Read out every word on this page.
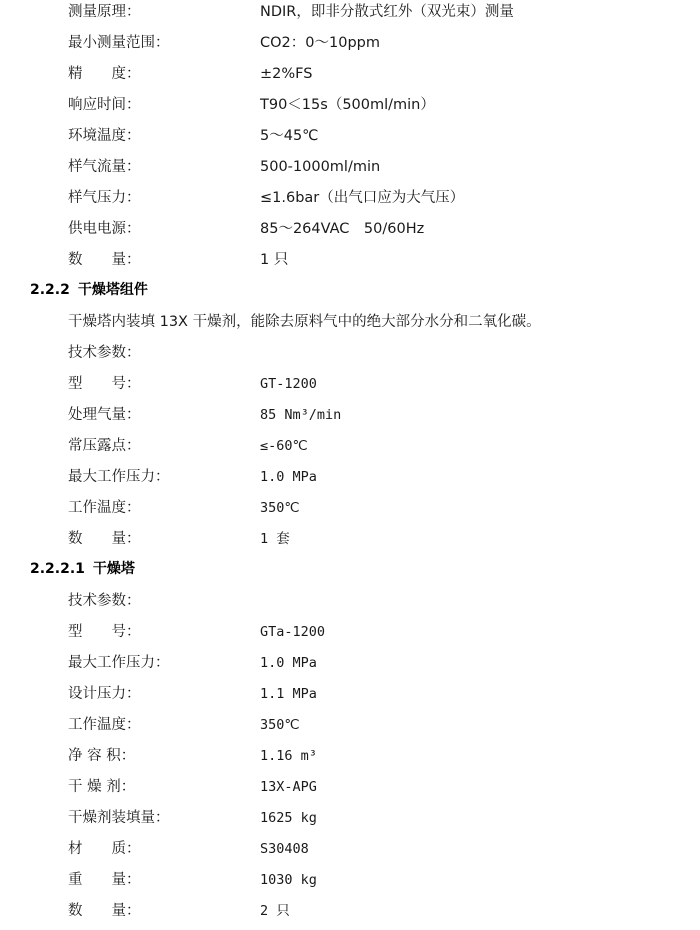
测量原理：	NDIR，即非分散式红外（双光束）测量
最小测量范围：	CO2：0～10ppm
精　　度：	±2%FS
响应时间：	T90＜15s（500ml/min）
环境温度：	5～45℃
样气流量：	500-1000ml/min
样气压力：	≤1.6bar（出气口应为大气压）
供电电源：	85～264VAC　50/60Hz
数　　量：	1 只
2.2.2 干燥塔组件
干燥塔内装填 13X 干燥剂，能除去原料气中的绝大部分水分和二氧化碳。
技术参数：
型　　号：	GT-1200
处理气量：	85 Nm³/min
常压露点：	≤-60℃
最大工作压力：	1.0 MPa
工作温度：	350℃
数　　量：	1 套
2.2.2.1 干燥塔
技术参数：
型　　号：	GTa-1200
最大工作压力：	1.0 MPa
设计压力：	1.1 MPa
工作温度：	350℃
净 容 积：	1.16 m³
干 燥 剂：	13X-APG
干燥剂装填量：	1625 kg
材　　质：	S30408
重　　量：	1030 kg
数　　量：	2 只
